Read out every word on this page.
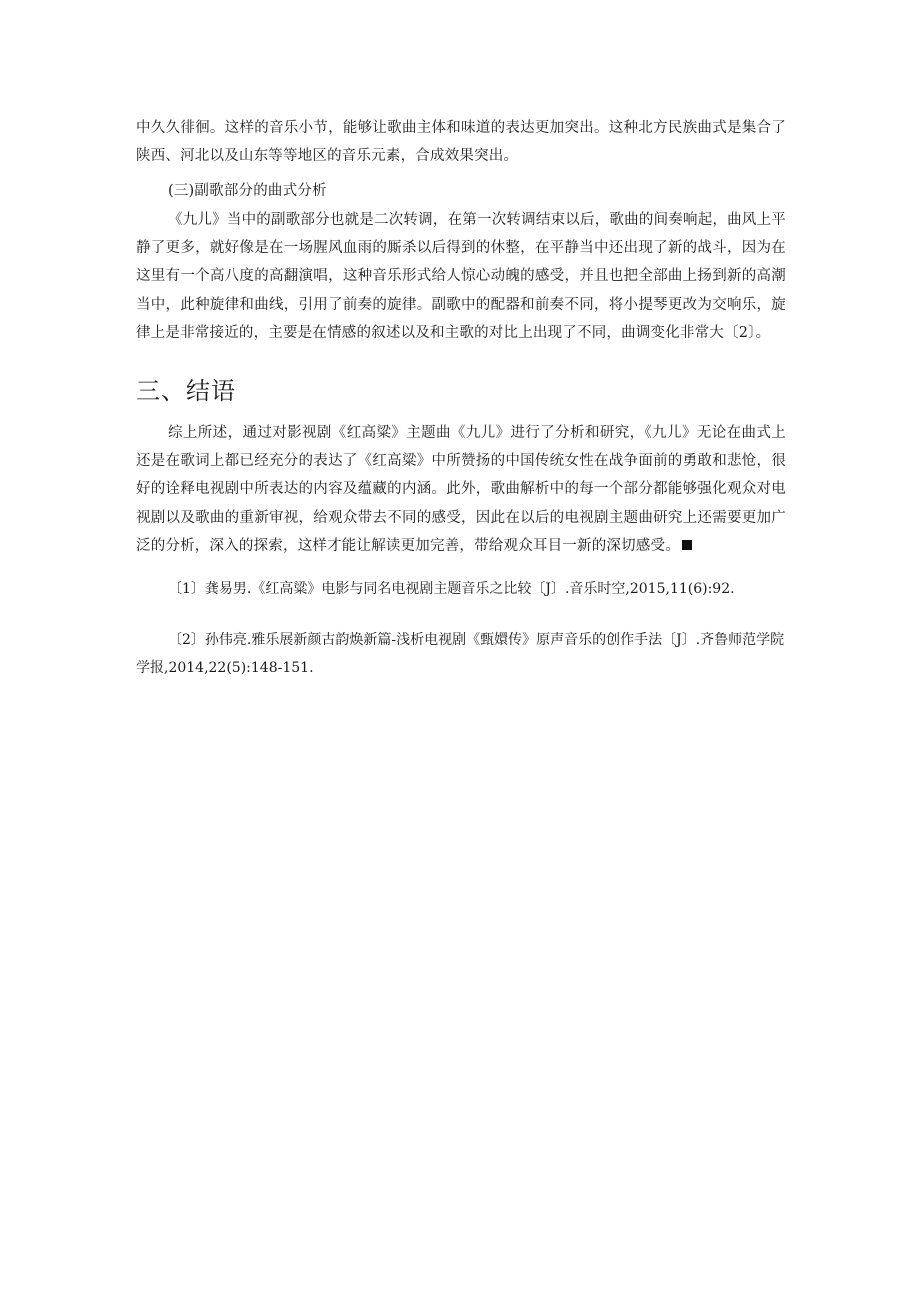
中久久徘徊。这样的音乐小节，能够让歌曲主体和味道的表达更加突出。这种北方民族曲式是集合了陕西、河北以及山东等等地区的音乐元素，合成效果突出。

(三)副歌部分的曲式分析

《九儿》当中的副歌部分也就是二次转调，在第一次转调结束以后，歌曲的间奏响起，曲风上平静了更多，就好像是在一场腥风血雨的厮杀以后得到的休整，在平静当中还出现了新的战斗，因为在这里有一个高八度的高翻演唱，这种音乐形式给人惊心动魄的感受，并且也把全部曲上扬到新的高潮当中，此种旋律和曲线，引用了前奏的旋律。副歌中的配器和前奏不同，将小提琴更改为交响乐，旋律上是非常接近的，主要是在情感的叙述以及和主歌的对比上出现了不同，曲调变化非常大〔2〕。

三、结语

综上所述，通过对影视剧《红高粱》主题曲《九儿》进行了分析和研究，《九儿》无论在曲式上还是在歌词上都已经充分的表达了《红高粱》中所赞扬的中国传统女性在战争面前的勇敢和悲怆，很好的诠释电视剧中所表达的内容及蕴藏的内涵。此外，歌曲解析中的每一个部分都能够强化观众对电视剧以及歌曲的重新审视，给观众带去不同的感受，因此在以后的电视剧主题曲研究上还需要更加广泛的分析，深入的探索，这样才能让解读更加完善，带给观众耳目一新的深切感受。

〔1〕龚易男.《红高粱》电影与同名电视剧主题音乐之比较〔J〕.音乐时空,2015,11(6):92.

〔2〕孙伟亮.雅乐展新颜古韵焕新篇-浅析电视剧《甄嬛传》原声音乐的创作手法〔J〕.齐鲁师范学院学报,2014,22(5):148-151.
